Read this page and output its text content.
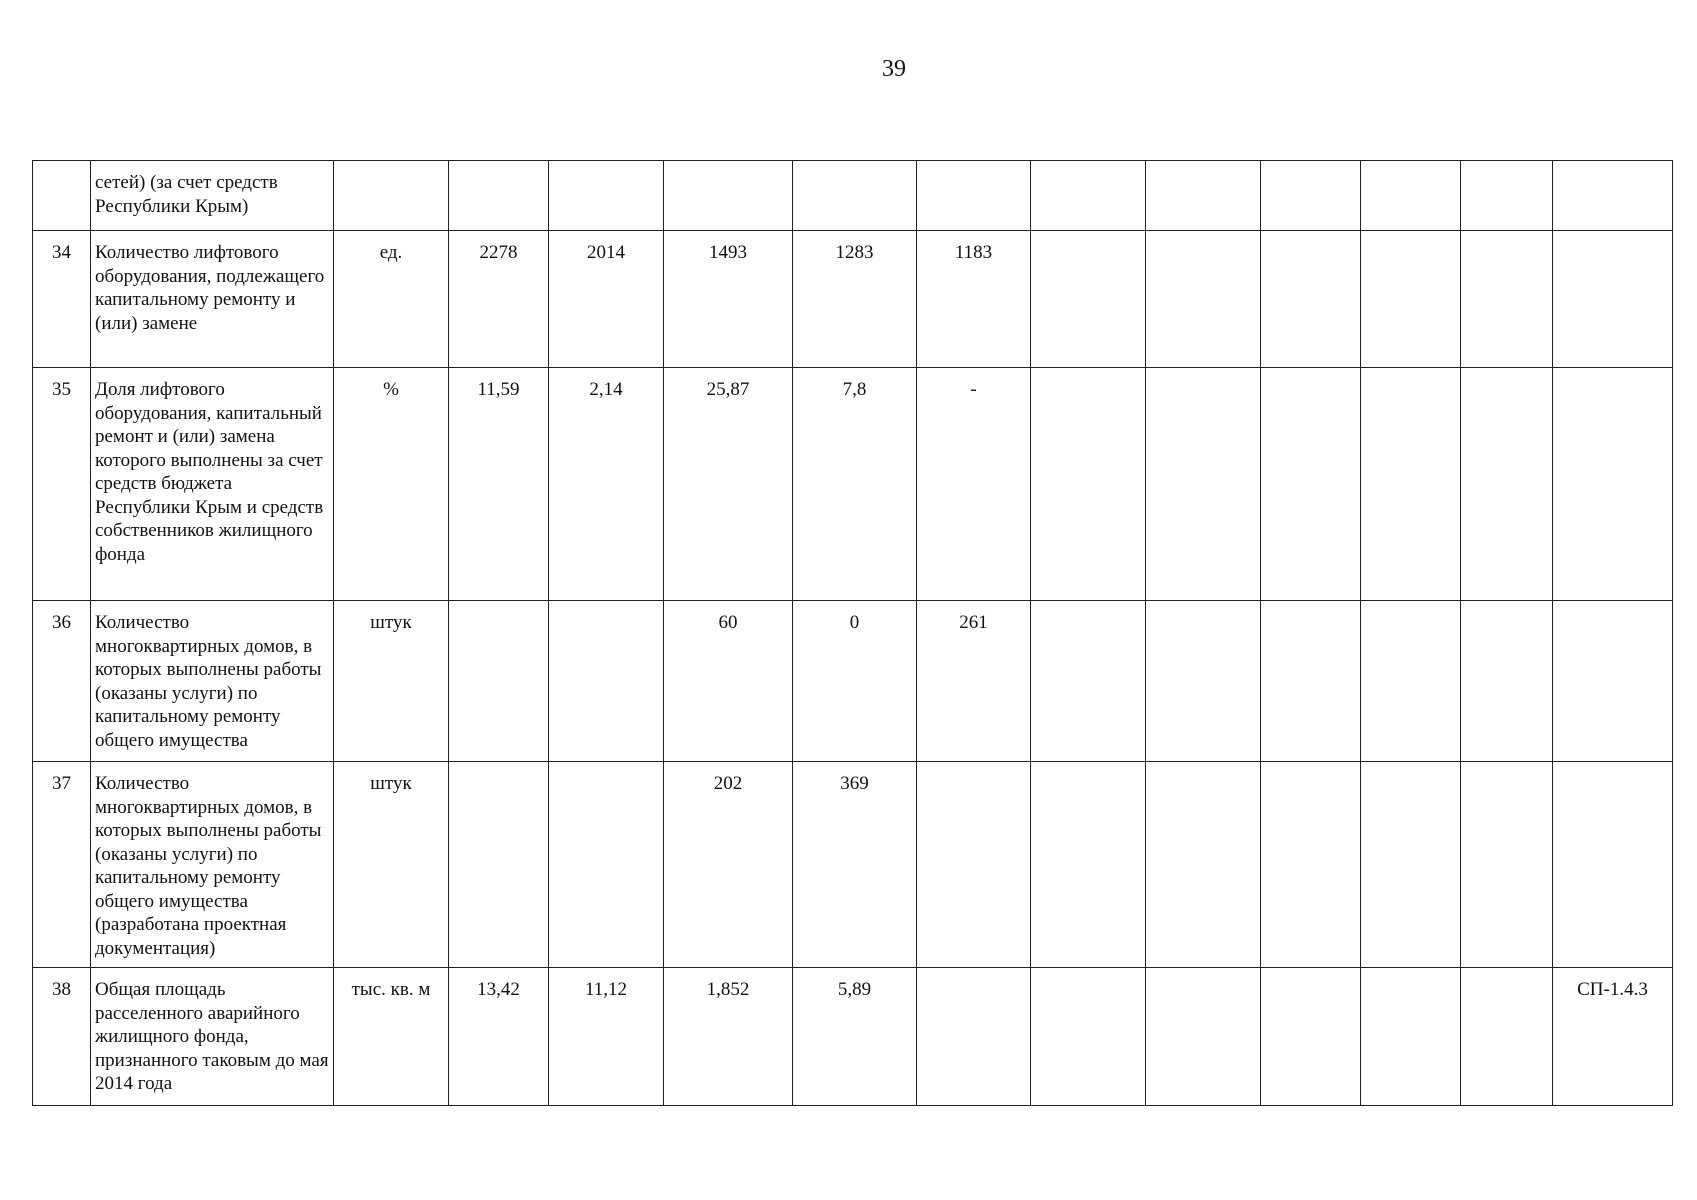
39
	сетей) (за счет средств Республики Крым)												
34	Количество лифтового оборудования, подлежащего капитальному ремонту и (или) замене	ед.	2278	2014	1493	1283	1183						
35	Доля лифтового оборудования, капитальный ремонт и (или) замена которого выполнены за счет средств бюджета Республики Крым и средств собственников жилищного фонда	%	11,59	2,14	25,87	7,8	-						
36	Количество многоквартирных домов, в которых выполнены работы (оказаны услуги) по капитальному ремонту общего имущества	штук			60	0	261						
37	Количество многоквартирных домов, в которых выполнены работы (оказаны услуги) по капитальному ремонту общего имущества (разработана проектная документация)	штук			202	369							
38	Общая площадь расселенного аварийного жилищного фонда, признанного таковым до мая 2014 года	тыс. кв. м	13,42	11,12	1,852	5,89							СП-1.4.3
